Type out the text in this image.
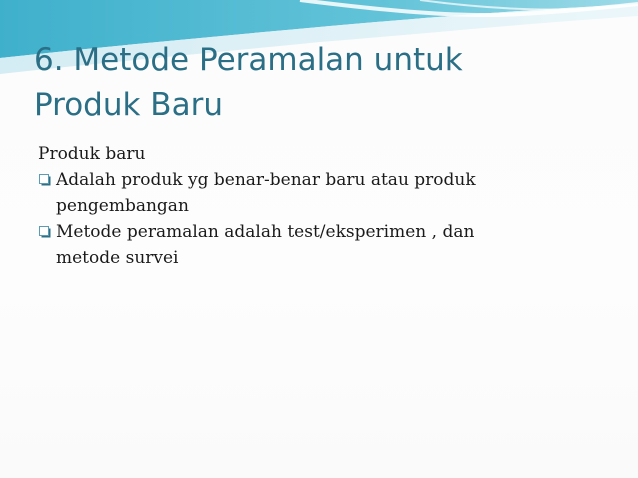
6. Metode Peramalan untuk
Produk Baru

Produk baru

Adalah produk yg benar-benar baru atau produk
pengembangan
Metode peramalan adalah test/eksperimen , dan
metode survei
